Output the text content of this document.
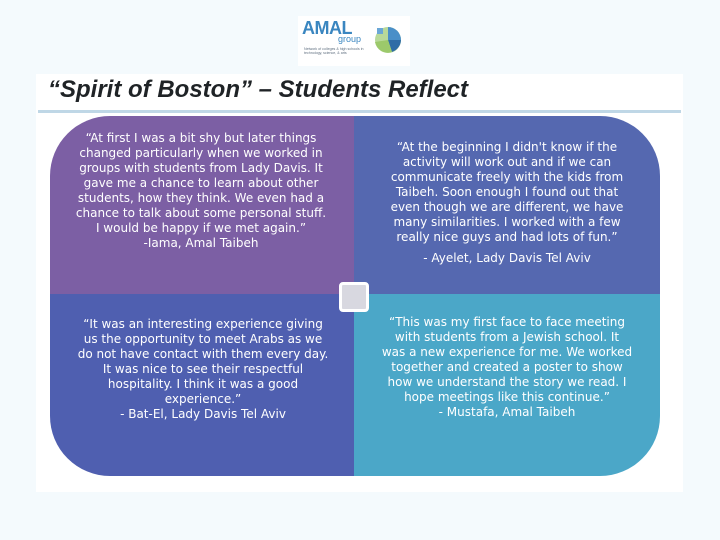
AMAL
group
Network of colleges & high schools in technology, science, & arts
“Spirit of Boston” – Students Reflect

“At first I was a bit shy but later things
changed particularly when we worked in
groups with students from Lady Davis. It
gave me a chance to learn about other
students, how they think. We even had a
chance to talk about some personal stuff.
I would be happy if we met again.”

-Iama, Amal Taibeh

“At the beginning I didn't know if the
activity will work out and if we can
communicate freely with the kids from
Taibeh. Soon enough I found out that
even though we are different, we have
many similarities. I worked with a few
really nice guys and had lots of fun.”

- Ayelet, Lady Davis Tel Aviv

“It was an interesting experience giving
us the opportunity to meet Arabs as we
do not have contact with them every day.
It was nice to see their respectful
hospitality. I think it was a good
experience.”

- Bat-El, Lady Davis Tel Aviv

“This was my first face to face meeting
with students from a Jewish school. It
was a new experience for me. We worked
together and created a poster to show
how we understand the story we read. I
hope meetings like this continue.”

- Mustafa, Amal Taibeh
